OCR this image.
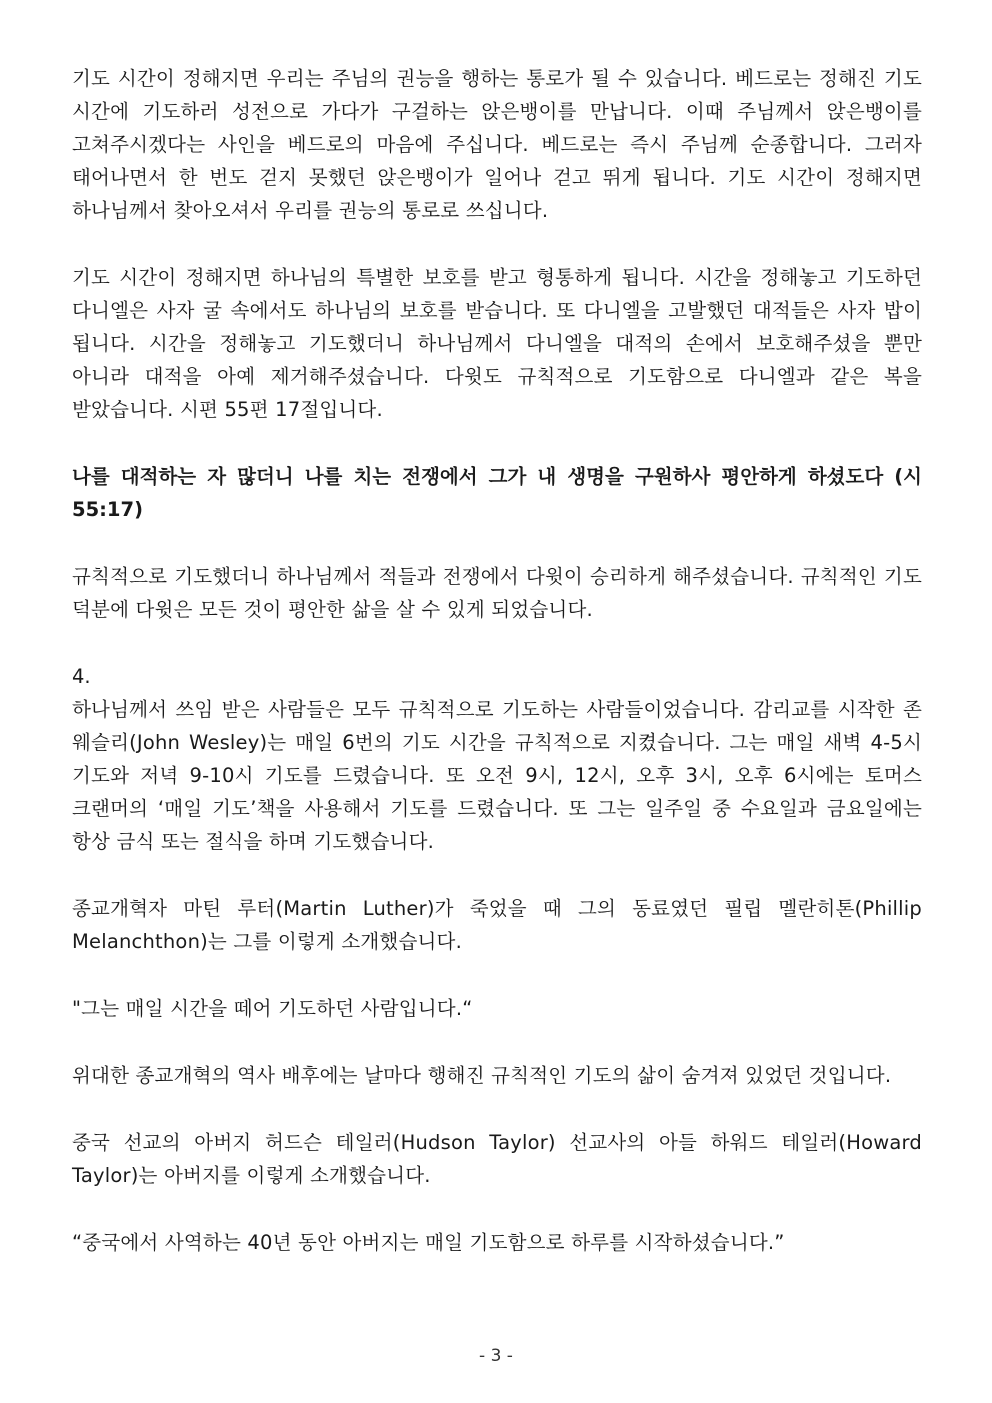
기도 시간이 정해지면 우리는 주님의 권능을 행하는 통로가 될 수 있습니다. 베드로는 정해진 기도 시간에 기도하러 성전으로 가다가 구걸하는 앉은뱅이를 만납니다. 이때 주님께서 앉은뱅이를 고쳐주시겠다는 사인을 베드로의 마음에 주십니다. 베드로는 즉시 주님께 순종합니다. 그러자 태어나면서 한 번도 걷지 못했던 앉은뱅이가 일어나 걷고 뛰게 됩니다. 기도 시간이 정해지면 하나님께서 찾아오셔서 우리를 권능의 통로로 쓰십니다.

기도 시간이 정해지면 하나님의 특별한 보호를 받고 형통하게 됩니다. 시간을 정해놓고 기도하던 다니엘은 사자 굴 속에서도 하나님의 보호를 받습니다. 또 다니엘을 고발했던 대적들은 사자 밥이 됩니다. 시간을 정해놓고 기도했더니 하나님께서 다니엘을 대적의 손에서 보호해주셨을 뿐만 아니라 대적을 아예 제거해주셨습니다. 다윗도 규칙적으로 기도함으로 다니엘과 같은 복을 받았습니다. 시편 55편 17절입니다.

나를 대적하는 자 많더니 나를 치는 전쟁에서 그가 내 생명을 구원하사 평안하게 하셨도다 (시 55:17)

규칙적으로 기도했더니 하나님께서 적들과 전쟁에서 다윗이 승리하게 해주셨습니다. 규칙적인 기도 덕분에 다윗은 모든 것이 평안한 삶을 살 수 있게 되었습니다.

4.

하나님께서 쓰임 받은 사람들은 모두 규칙적으로 기도하는 사람들이었습니다. 감리교를 시작한 존 웨슬리(John Wesley)는 매일 6번의 기도 시간을 규칙적으로 지켰습니다. 그는 매일 새벽 4-5시 기도와 저녁 9-10시 기도를 드렸습니다. 또 오전 9시, 12시, 오후 3시, 오후 6시에는 토머스 크랜머의 ‘매일 기도’책을 사용해서 기도를 드렸습니다. 또 그는 일주일 중 수요일과 금요일에는 항상 금식 또는 절식을 하며 기도했습니다.

종교개혁자 마틴 루터(Martin Luther)가 죽었을 때 그의 동료였던 필립 멜란히톤(Phillip Melanchthon)는 그를 이렇게 소개했습니다.

"그는 매일 시간을 떼어 기도하던 사람입니다.“

위대한 종교개혁의 역사 배후에는 날마다 행해진 규칙적인 기도의 삶이 숨겨져 있었던 것입니다.

중국 선교의 아버지 허드슨 테일러(Hudson Taylor) 선교사의 아들 하워드 테일러(Howard Taylor)는 아버지를 이렇게 소개했습니다.

“중국에서 사역하는 40년 동안 아버지는 매일 기도함으로 하루를 시작하셨습니다.”

- 3 -
